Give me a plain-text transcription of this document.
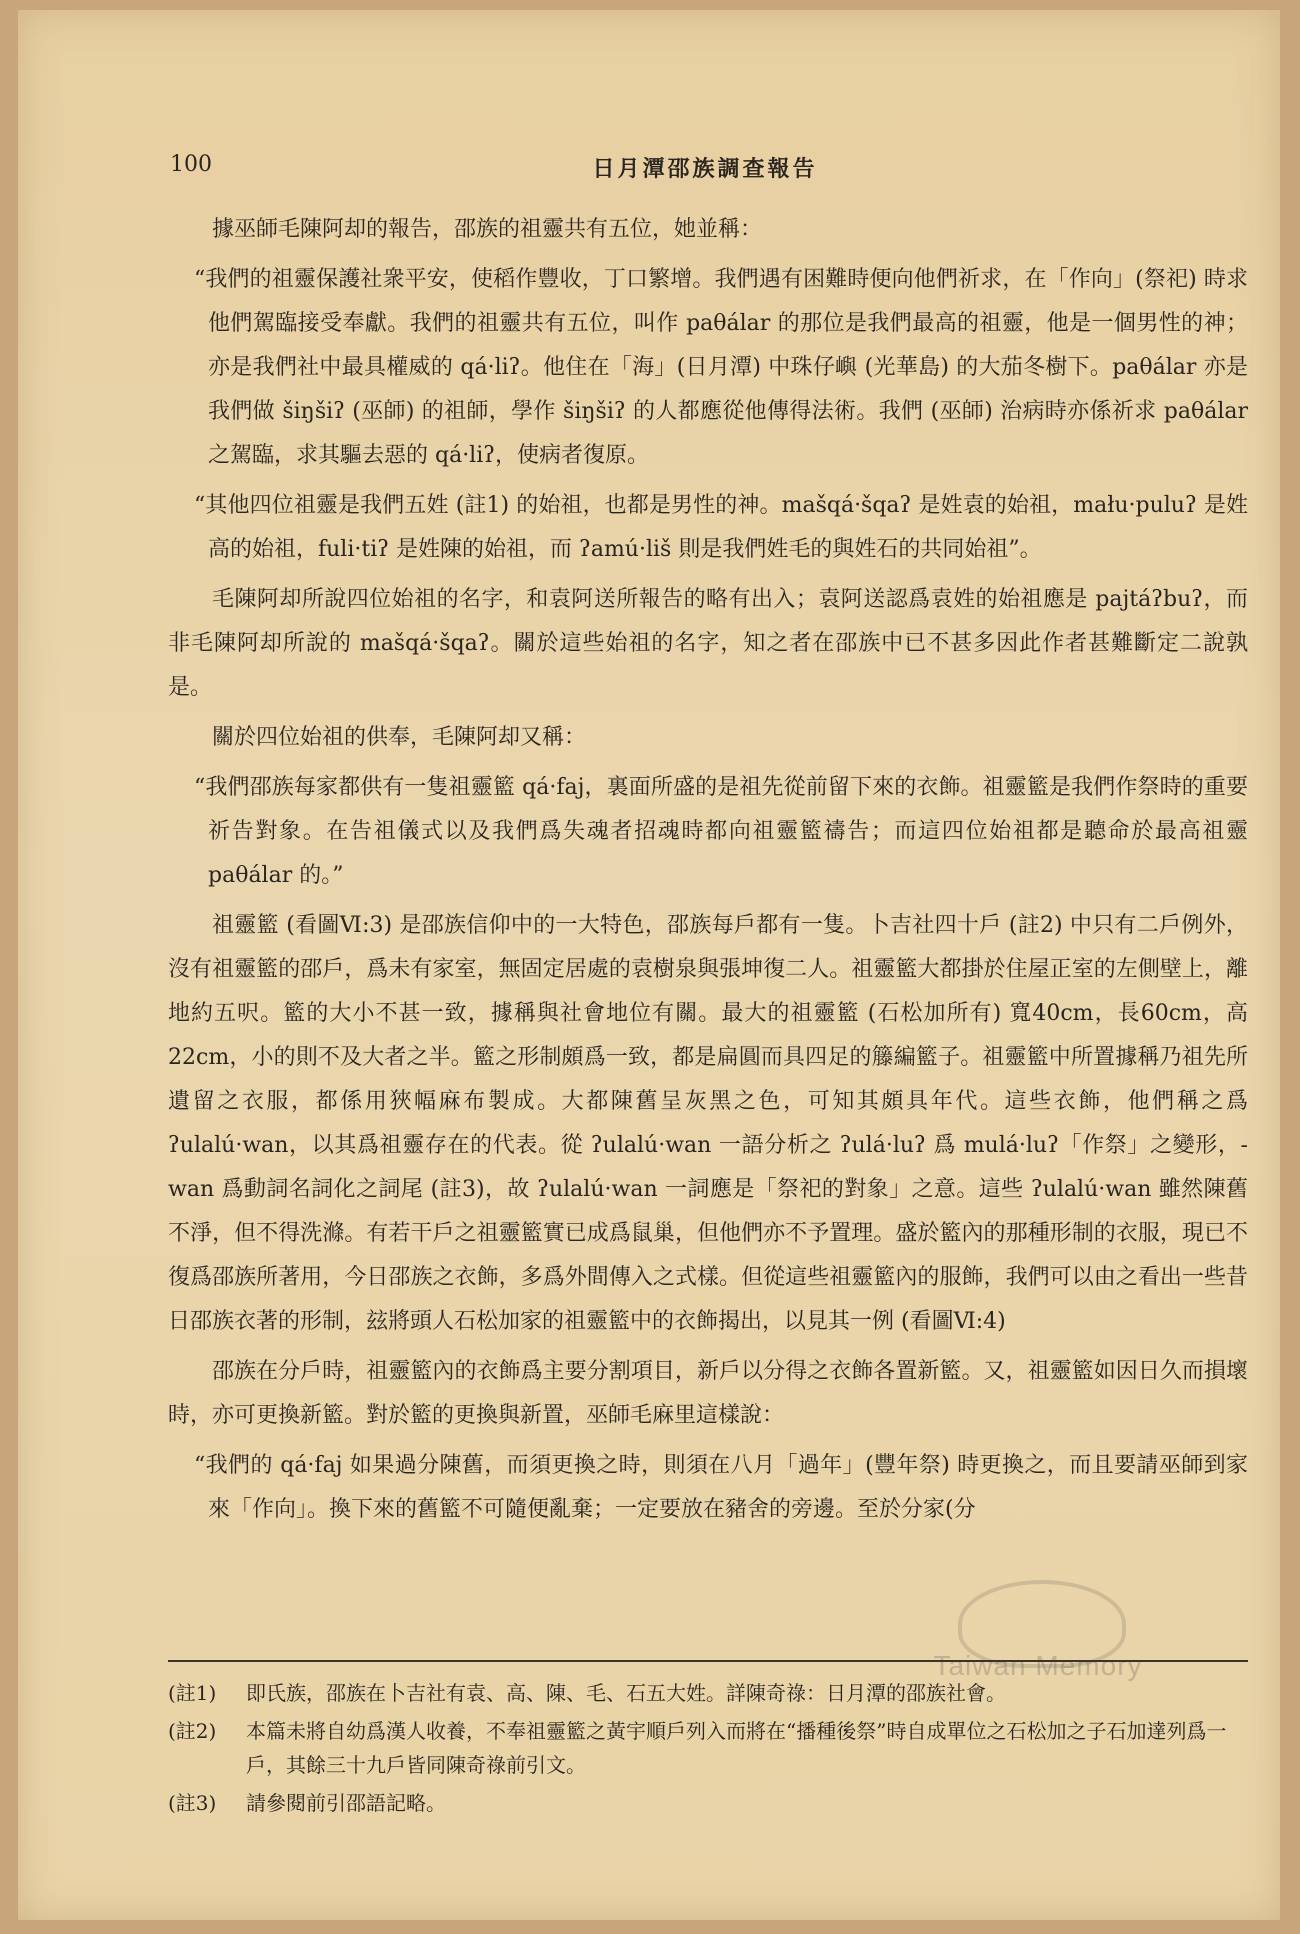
100	日月潭邵族調查報告

據巫師毛陳阿却的報告，邵族的祖靈共有五位，她並稱：

“我們的祖靈保護社衆平安，使稻作豐收，丁口繁增。我們遇有困難時便向他們祈求，在「作向」(祭祀) 時求他們駕臨接受奉獻。我們的祖靈共有五位，叫作 paθálar 的那位是我們最高的祖靈，他是一個男性的神；亦是我們社中最具權威的 qá·liʔ。他住在「海」(日月潭) 中珠仔嶼 (光華島) 的大茄冬樹下。paθálar 亦是我們做 šiŋšiʔ (巫師) 的祖師，學作 šiŋšiʔ 的人都應從他傳得法術。我們 (巫師) 治病時亦係祈求 paθálar 之駕臨，求其驅去惡的 qá·liʔ，使病者復原。

“其他四位祖靈是我們五姓 (註1) 的始祖，也都是男性的神。mašqá·šqaʔ 是姓袁的始祖，mału·puluʔ 是姓高的始祖，fuli·tiʔ 是姓陳的始祖，而 ʔamú·liš 則是我們姓毛的與姓石的共同始祖”。

毛陳阿却所說四位始祖的名字，和袁阿送所報告的略有出入；袁阿送認爲袁姓的始祖應是 pajtáʔbuʔ，而非毛陳阿却所說的 mašqá·šqaʔ。關於這些始祖的名字，知之者在邵族中已不甚多因此作者甚難斷定二說孰是。

關於四位始祖的供奉，毛陳阿却又稱：

“我們邵族每家都供有一隻祖靈籃 qá·faj，裏面所盛的是祖先從前留下來的衣飾。祖靈籃是我們作祭時的重要祈告對象。在告祖儀式以及我們爲失魂者招魂時都向祖靈籃禱告；而這四位始祖都是聽命於最高祖靈 paθálar 的。”

祖靈籃 (看圖Ⅵ:3) 是邵族信仰中的一大特色，邵族每戶都有一隻。卜吉社四十戶 (註2) 中只有二戶例外，沒有祖靈籃的邵戶，爲未有家室，無固定居處的袁樹泉與張坤復二人。祖靈籃大都掛於住屋正室的左側壁上，離地約五呎。籃的大小不甚一致，據稱與社會地位有關。最大的祖靈籃 (石松加所有) 寬40cm，長60cm，高22cm，小的則不及大者之半。籃之形制頗爲一致，都是扁圓而具四足的籐編籃子。祖靈籃中所置據稱乃祖先所遺留之衣服，都係用狹幅麻布製成。大都陳舊呈灰黑之色，可知其頗具年代。這些衣飾，他們稱之爲 ʔulalú·wan，以其爲祖靈存在的代表。從 ʔulalú·wan 一語分析之 ʔulá·luʔ 爲 mulá·luʔ「作祭」之變形，-wan 爲動詞名詞化之詞尾 (註3)，故 ʔulalú·wan 一詞應是「祭祀的對象」之意。這些 ʔulalú·wan 雖然陳舊不淨，但不得洗滌。有若干戶之祖靈籃實已成爲鼠巢，但他們亦不予置理。盛於籃內的那種形制的衣服，現已不復爲邵族所著用，今日邵族之衣飾，多爲外間傳入之式樣。但從這些祖靈籃內的服飾，我們可以由之看出一些昔日邵族衣著的形制，玆將頭人石松加家的祖靈籃中的衣飾揭出，以見其一例 (看圖Ⅵ:4)

邵族在分戶時，祖靈籃內的衣飾爲主要分割項目，新戶以分得之衣飾各置新籃。又，祖靈籃如因日久而損壞時，亦可更換新籃。對於籃的更換與新置，巫師毛麻里這樣說：

“我們的 qá·faj 如果過分陳舊，而須更換之時，則須在八月「過年」(豐年祭) 時更換之，而且要請巫師到家來「作向」。換下來的舊籃不可隨便亂棄；一定要放在豬舍的旁邊。至於分家(分

Taiwan Memory
(註1)	即氏族，邵族在卜吉社有袁、高、陳、毛、石五大姓。詳陳奇祿：日月潭的邵族社會。
(註2)	本篇未將自幼爲漢人收養，不奉祖靈籃之黃宇順戶列入而將在“播種後祭”時自成單位之石松加之子石加達列爲一戶，其餘三十九戶皆同陳奇祿前引文。
(註3)	請參閱前引邵語記略。
